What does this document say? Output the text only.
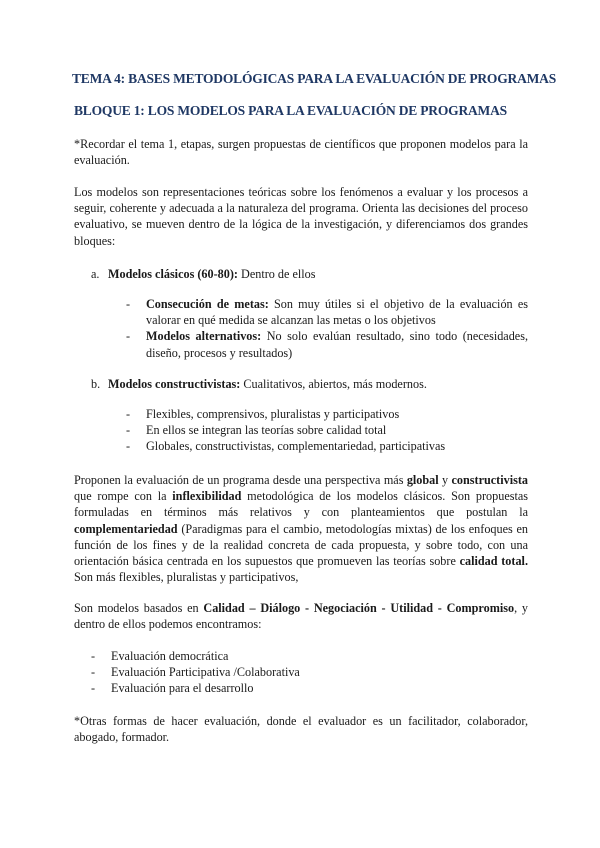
TEMA 4: BASES METODOLÓGICAS PARA LA EVALUACIÓN DE PROGRAMAS
BLOQUE 1: LOS MODELOS PARA LA EVALUACIÓN DE PROGRAMAS

*Recordar el tema 1, etapas, surgen propuestas de científicos que proponen modelos para la evaluación.

Los modelos son representaciones teóricas sobre los fenómenos a evaluar y los procesos a seguir, coherente y adecuada a la naturaleza del programa. Orienta las decisiones del proceso evaluativo, se mueven dentro de la lógica de la investigación, y diferenciamos dos grandes bloques:

a. Modelos clásicos (60-80): Dentro de ellos
- Consecución de metas: Son muy útiles si el objetivo de la evaluación es valorar en qué medida se alcanzan las metas o los objetivos
- Modelos alternativos: No solo evalúan resultado, sino todo (necesidades, diseño, procesos y resultados)
b. Modelos constructivistas: Cualitativos, abiertos, más modernos.
- Flexibles, comprensivos, pluralistas y participativos
- En ellos se integran las teorías sobre calidad total
- Globales, constructivistas, complementariedad, participativas

Proponen la evaluación de un programa desde una perspectiva más global y constructivista que rompe con la inflexibilidad metodológica de los modelos clásicos. Son propuestas formuladas en términos más relativos y con planteamientos que postulan la complementariedad (Paradigmas para el cambio, metodologías mixtas) de los enfoques en función de los fines y de la realidad concreta de cada propuesta, y sobre todo, con una orientación básica centrada en los supuestos que promueven las teorías sobre calidad total. Son más flexibles, pluralistas y participativos,

Son modelos basados en Calidad – Diálogo - Negociación - Utilidad - Compromiso, y dentro de ellos podemos encontramos:

- Evaluación democrática
- Evaluación Participativa /Colaborativa
- Evaluación para el desarrollo

*Otras formas de hacer evaluación, donde el evaluador es un facilitador, colaborador, abogado, formador.
